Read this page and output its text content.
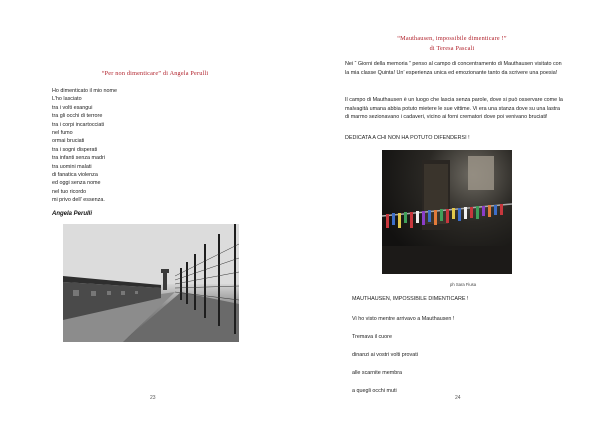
“Per non dimenticare” di Angela Perulli
Ho dimenticato il mio nome
L’ho lasciato
tra i volti esangui
tra gli occhi di terrore
tra i corpi incartocciati
nel fumo
ormai bruciati
tra i sogni disperati
tra infanti senza madri
tra uomini malati
di fanatica violenza
ed oggi senza nome
nel tuo ricordo
mi privo dell’ essenza.
Angela Perulli
23
“Mauthausen, impossibile dimenticare !”
di Teresa Pascali
Nei “ Giorni della memoria ” penso al campo di concentramento di Mauthausen visitato con la mia classe Quinta! Un’ esperienza unica ed emozionante tanto da scrivere una poesia!
Il campo di Mauthausen è un luogo che lascia senza parole, dove si può osservare come la malvagità umana abbia potuto mietere le sue vittime. Vi era una stanza dove su una lastra di marmo sezionavano i cadaveri, vicino ai forni crematori dove poi venivano bruciati!
DEDICATA A CHI NON HA POTUTO DIFENDERSI !
ph Sara Fiusa
MAUTHAUSEN, IMPOSSIBILE DIMENTICARE !
Vi ho visto mentre arrivavo a Mauthausen !
Tremava il cuore
dinanzi ai vostri volti provati
alle scarnite membra
a quegli occhi muti
24
